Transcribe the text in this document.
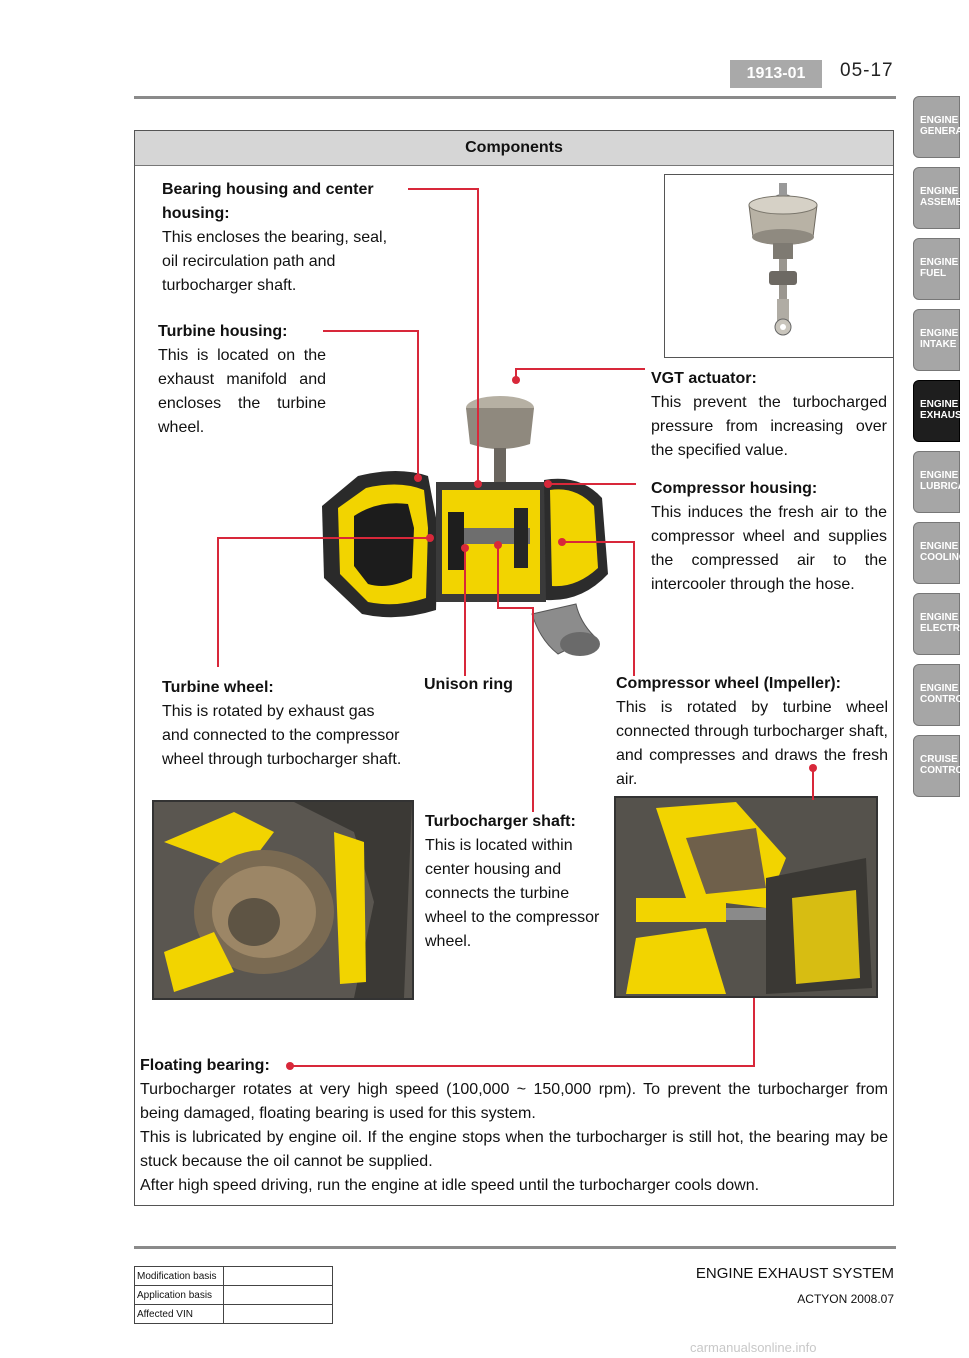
1913-01	05-17
ENGINE
GENERA
ENGINE
ASSEMBL
ENGINE
FUEL
ENGINE
INTAKE
ENGINE
EXHAUST
ENGINE
LUBRICA
ENGINE
COOLING
ENGINE
ELECTRI
ENGINE
CONTRO
CRUISE
CONTRO
Components
Bearing housing and center housing:
This encloses the bearing, seal, oil recirculation path and turbocharger shaft.
Turbine housing:
This is located on the exhaust manifold and encloses the turbine wheel.
VGT actuator:
This prevent the turbocharged pressure from increasing over the specified value.
Compressor housing:
This induces the fresh air to the compressor wheel and supplies the compressed air to the intercooler through the hose.
Turbine wheel:
This is rotated by exhaust gas and connected to the compressor wheel through turbocharger shaft.
Unison ring	Compressor wheel (Impeller):
This is rotated by turbine wheel connected through turbocharger shaft, and compresses and draws the fresh air.
Turbocharger shaft:
This is located within center housing and connects the turbine wheel to the compressor wheel.
Floating bearing:
Turbocharger rotates at very high speed (100,000 ~ 150,000 rpm). To prevent the turbocharger from being damaged, floating bearing is used for this system.
This is lubricated by engine oil. If the engine stops when the turbocharger is still hot, the bearing may be stuck because the oil cannot be supplied.
After high speed driving, run the engine at idle speed until the turbocharger cools down.
ENGINE EXHAUST SYSTEM
ACTYON 2008.07
Modification basis	
Application basis	
Affected VIN	
carmanualsonline.info
